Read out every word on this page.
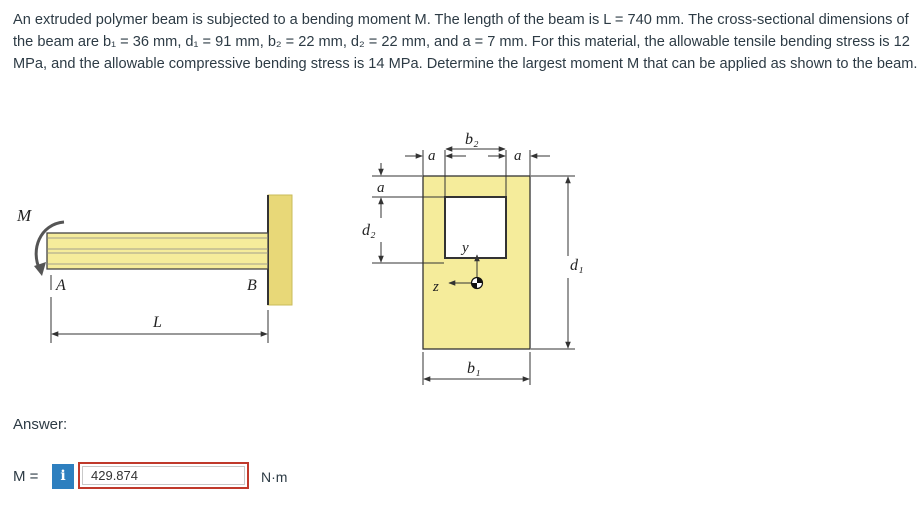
An extruded polymer beam is subjected to a bending moment M. The length of the beam is L = 740 mm. The cross-sectional dimensions of the beam are b₁ = 36 mm, d₁ = 91 mm, b₂ = 22 mm, d₂ = 22 mm, and a = 7 mm. For this material, the allowable tensile bending stress is 12 MPa, and the allowable compressive bending stress is 14 MPa. Determine the largest moment M that can be applied as shown to the beam.

M
A	B
L
a
b₂
a
a
d₂
d₁
b₁
y
z
Answer:
M =	i
429.874	N·m
